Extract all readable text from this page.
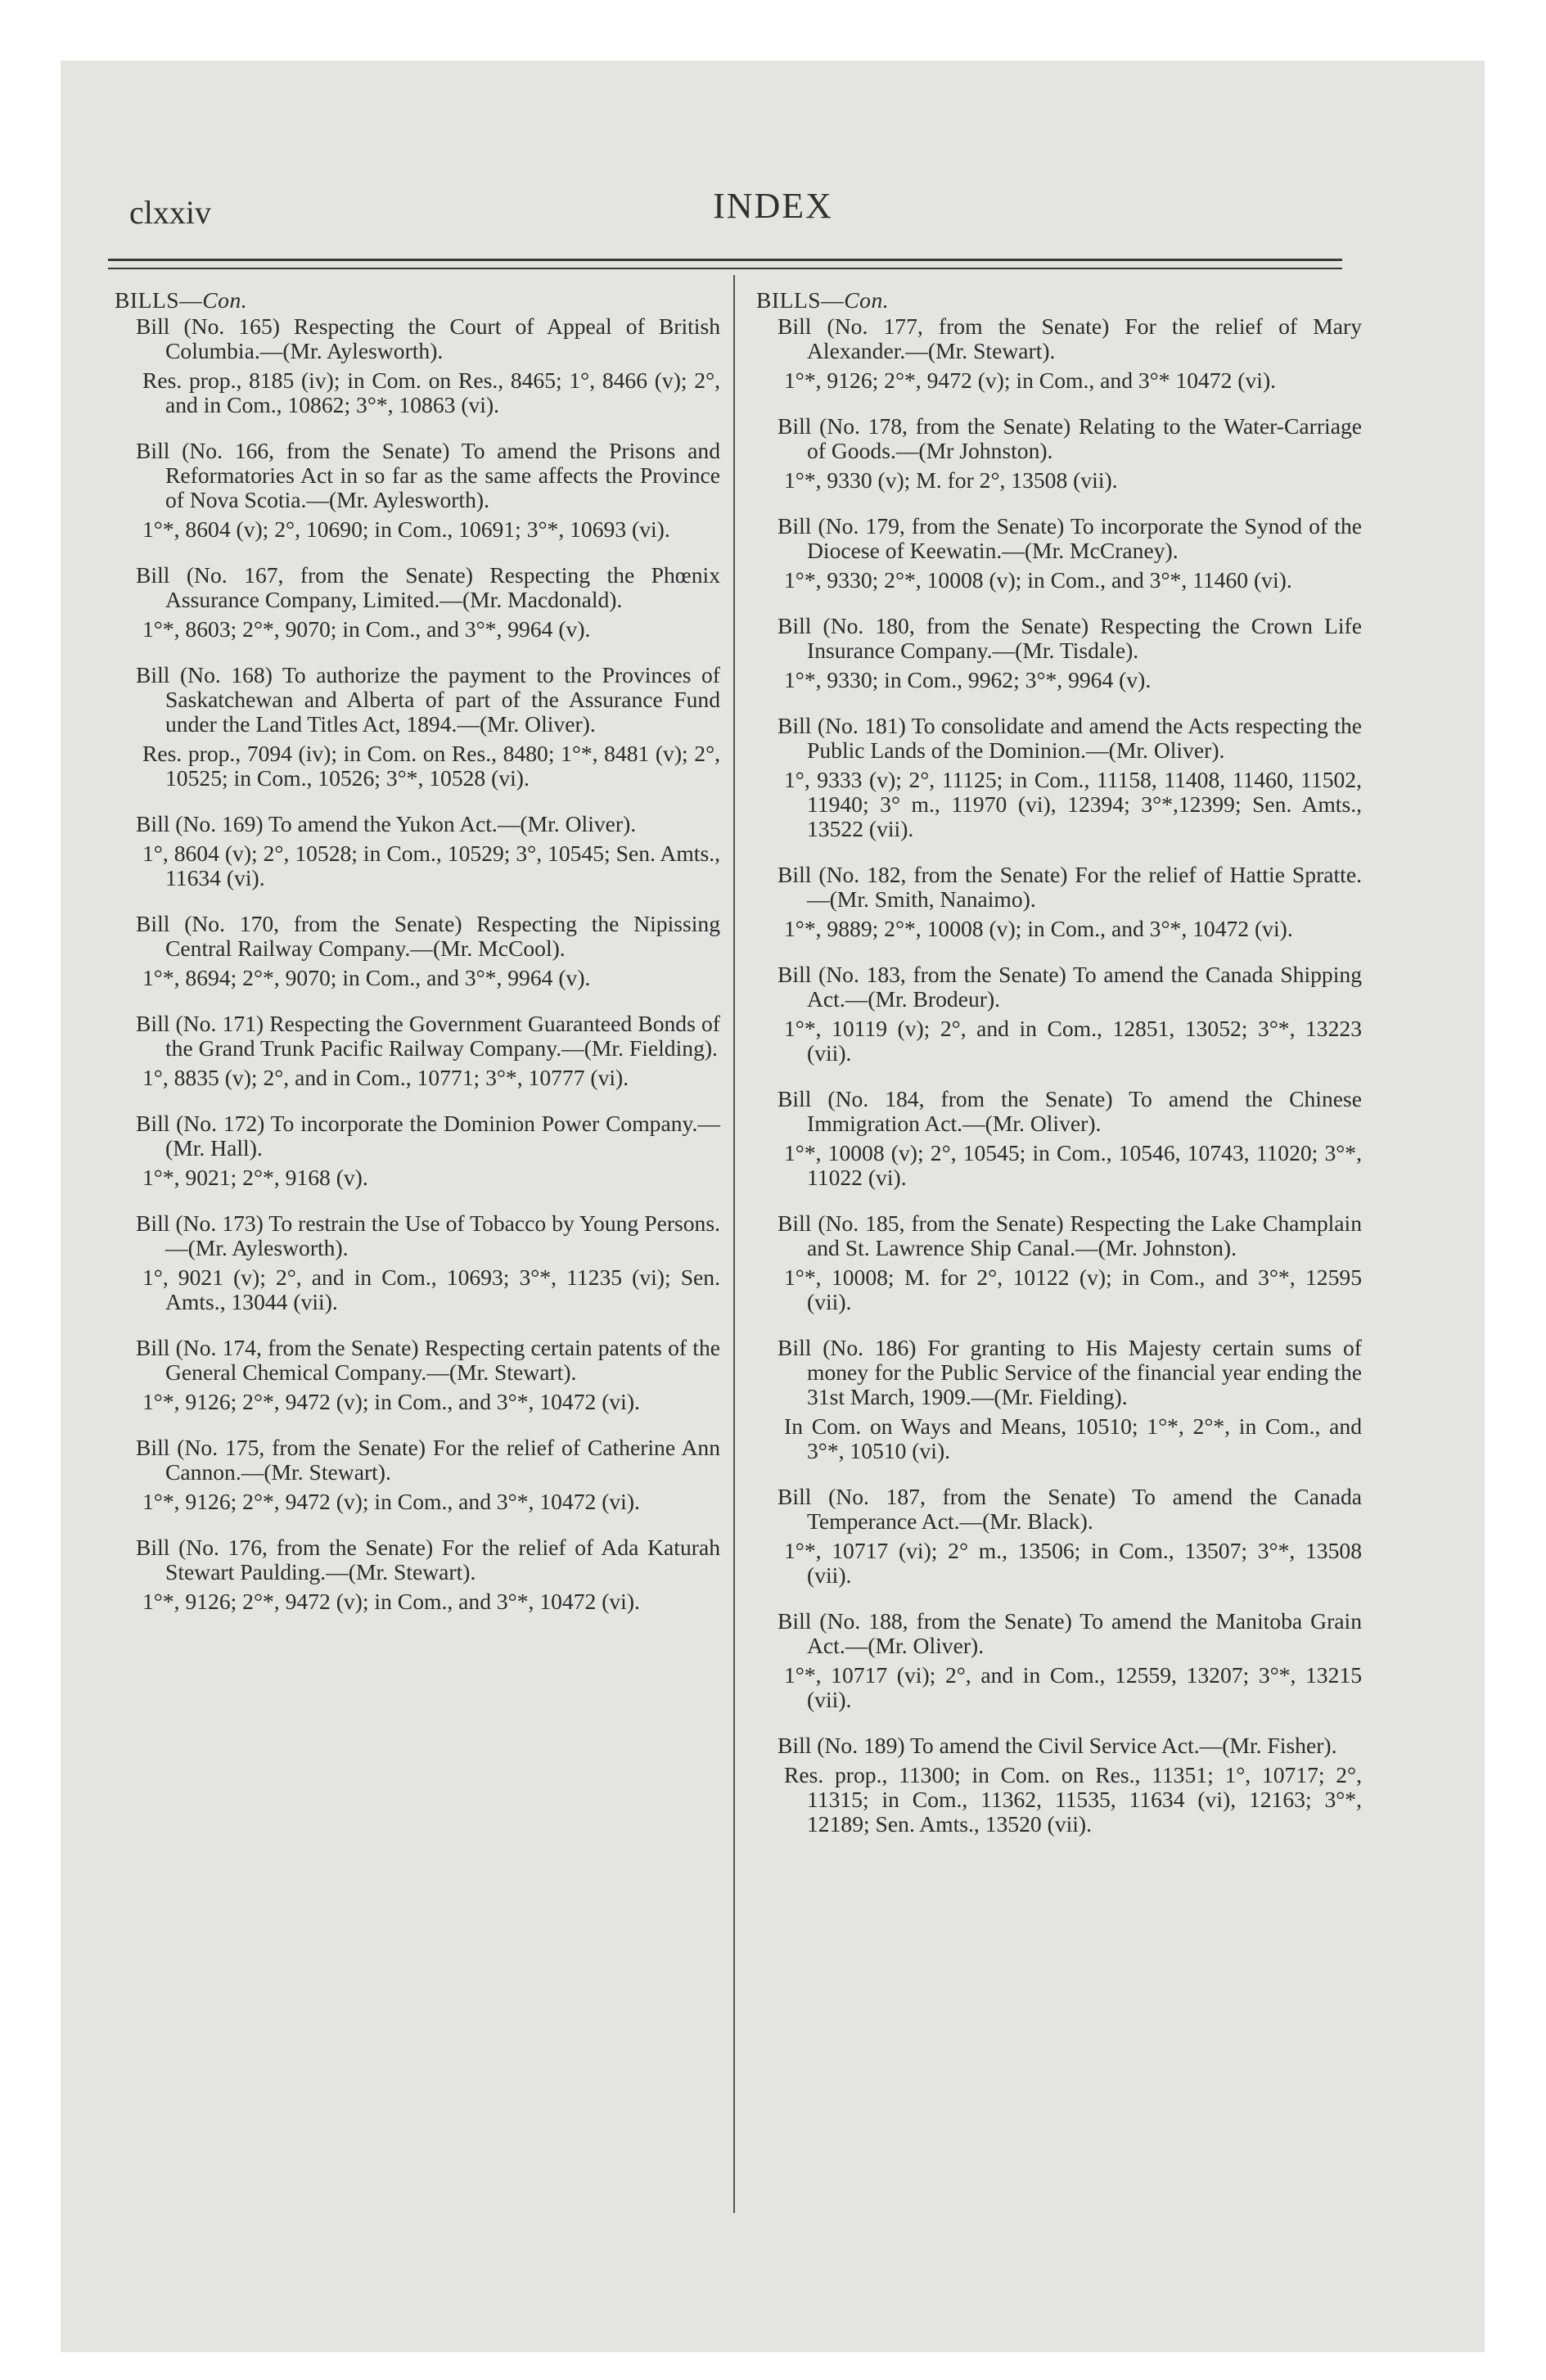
clxxiv	INDEX

BILLS—Con.

Bill (No. 165) Respecting the Court of Appeal of British Columbia.—(Mr. Aylesworth).

Res. prop., 8185 (iv); in Com. on Res., 8465; 1°, 8466 (v); 2°, and in Com., 10862; 3°*, 10863 (vi).

Bill (No. 166, from the Senate) To amend the Prisons and Reformatories Act in so far as the same affects the Province of Nova Scotia.—(Mr. Aylesworth).

1°*, 8604 (v); 2°, 10690; in Com., 10691; 3°*, 10693 (vi).

Bill (No. 167, from the Senate) Respecting the Phœnix Assurance Company, Limited.—(Mr. Macdonald).

1°*, 8603; 2°*, 9070; in Com., and 3°*, 9964 (v).

Bill (No. 168) To authorize the payment to the Provinces of Saskatchewan and Alberta of part of the Assurance Fund under the Land Titles Act, 1894.—(Mr. Oliver).

Res. prop., 7094 (iv); in Com. on Res., 8480; 1°*, 8481 (v); 2°, 10525; in Com., 10526; 3°*, 10528 (vi).

Bill (No. 169) To amend the Yukon Act.—(Mr. Oliver).

1°, 8604 (v); 2°, 10528; in Com., 10529; 3°, 10545; Sen. Amts., 11634 (vi).

Bill (No. 170, from the Senate) Respecting the Nipissing Central Railway Company.—(Mr. McCool).

1°*, 8694; 2°*, 9070; in Com., and 3°*, 9964 (v).

Bill (No. 171) Respecting the Government Guaranteed Bonds of the Grand Trunk Pacific Railway Company.—(Mr. Fielding).

1°, 8835 (v); 2°, and in Com., 10771; 3°*, 10777 (vi).

Bill (No. 172) To incorporate the Dominion Power Company.—(Mr. Hall).

1°*, 9021; 2°*, 9168 (v).

Bill (No. 173) To restrain the Use of Tobacco by Young Persons.—(Mr. Aylesworth).

1°, 9021 (v); 2°, and in Com., 10693; 3°*, 11235 (vi); Sen. Amts., 13044 (vii).

Bill (No. 174, from the Senate) Respecting certain patents of the General Chemical Company.—(Mr. Stewart).

1°*, 9126; 2°*, 9472 (v); in Com., and 3°*, 10472 (vi).

Bill (No. 175, from the Senate) For the relief of Catherine Ann Cannon.—(Mr. Stewart).

1°*, 9126; 2°*, 9472 (v); in Com., and 3°*, 10472 (vi).

Bill (No. 176, from the Senate) For the relief of Ada Katurah Stewart Paulding.—(Mr. Stewart).

1°*, 9126; 2°*, 9472 (v); in Com., and 3°*, 10472 (vi).

BILLS—Con.

Bill (No. 177, from the Senate) For the relief of Mary Alexander.—(Mr. Stewart).

1°*, 9126; 2°*, 9472 (v); in Com., and 3°* 10472 (vi).

Bill (No. 178, from the Senate) Relating to the Water-Carriage of Goods.—(Mr Johnston).

1°*, 9330 (v); M. for 2°, 13508 (vii).

Bill (No. 179, from the Senate) To incorporate the Synod of the Diocese of Keewatin.—(Mr. McCraney).

1°*, 9330; 2°*, 10008 (v); in Com., and 3°*, 11460 (vi).

Bill (No. 180, from the Senate) Respecting the Crown Life Insurance Company.—(Mr. Tisdale).

1°*, 9330; in Com., 9962; 3°*, 9964 (v).

Bill (No. 181) To consolidate and amend the Acts respecting the Public Lands of the Dominion.—(Mr. Oliver).

1°, 9333 (v); 2°, 11125; in Com., 11158, 11408, 11460, 11502, 11940; 3° m., 11970 (vi), 12394; 3°*,12399; Sen. Amts., 13522 (vii).

Bill (No. 182, from the Senate) For the relief of Hattie Spratte.—(Mr. Smith, Nanaimo).

1°*, 9889; 2°*, 10008 (v); in Com., and 3°*, 10472 (vi).

Bill (No. 183, from the Senate) To amend the Canada Shipping Act.—(Mr. Brodeur).

1°*, 10119 (v); 2°, and in Com., 12851, 13052; 3°*, 13223 (vii).

Bill (No. 184, from the Senate) To amend the Chinese Immigration Act.—(Mr. Oliver).

1°*, 10008 (v); 2°, 10545; in Com., 10546, 10743, 11020; 3°*, 11022 (vi).

Bill (No. 185, from the Senate) Respecting the Lake Champlain and St. Lawrence Ship Canal.—(Mr. Johnston).

1°*, 10008; M. for 2°, 10122 (v); in Com., and 3°*, 12595 (vii).

Bill (No. 186) For granting to His Majesty certain sums of money for the Public Service of the financial year ending the 31st March, 1909.—(Mr. Fielding).

In Com. on Ways and Means, 10510; 1°*, 2°*, in Com., and 3°*, 10510 (vi).

Bill (No. 187, from the Senate) To amend the Canada Temperance Act.—(Mr. Black).

1°*, 10717 (vi); 2° m., 13506; in Com., 13507; 3°*, 13508 (vii).

Bill (No. 188, from the Senate) To amend the Manitoba Grain Act.—(Mr. Oliver).

1°*, 10717 (vi); 2°, and in Com., 12559, 13207; 3°*, 13215 (vii).

Bill (No. 189) To amend the Civil Service Act.—(Mr. Fisher).

Res. prop., 11300; in Com. on Res., 11351; 1°, 10717; 2°, 11315; in Com., 11362, 11535, 11634 (vi), 12163; 3°*, 12189; Sen. Amts., 13520 (vii).
